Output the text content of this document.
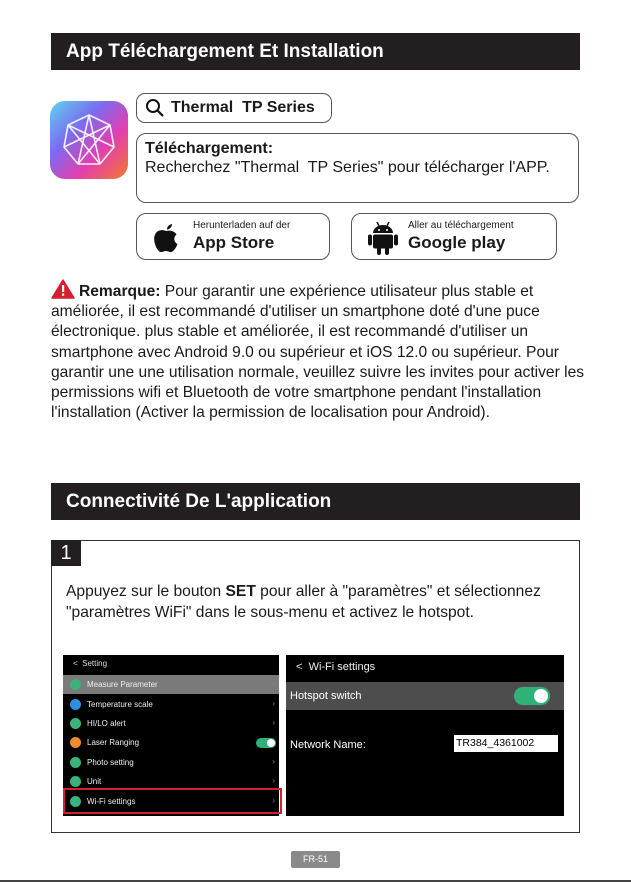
App Téléchargement Et Installation
Thermal  TP Series
Téléchargement:
Recherchez "Thermal  TP Series" pour télécharger l'APP.
Herunterladen auf der
App Store
Aller au téléchargement
Google play
Remarque: Pour garantir une expérience utilisateur plus stable et améliorée, il est recommandé d'utiliser un smartphone doté d'une puce électronique. plus stable et améliorée, il est recommandé d'utiliser un smartphone avec Android 9.0 ou supérieur et iOS 12.0 ou supérieur. Pour garantir une une utilisation normale, veuillez suivre les invites pour activer les permissions wifi et Bluetooth de votre smartphone pendant l'installation l'installation (Activer la permission de localisation pour Android).
Connectivité De L'application
1
Appuyez sur le bouton SET pour aller à "paramètres" et sélectionnez "paramètres WiFi" dans le sous-menu et activez le hotspot.
< Setting
Measure Parameter	›
Temperature scale	›
HI/LO alert	›
Laser Ranging
Photo setting	›
Unit	›
Wi-Fi settings	›
< Wi-Fi settings
Hotspot switch
Network Name:	TR384_4361002
FR-51
